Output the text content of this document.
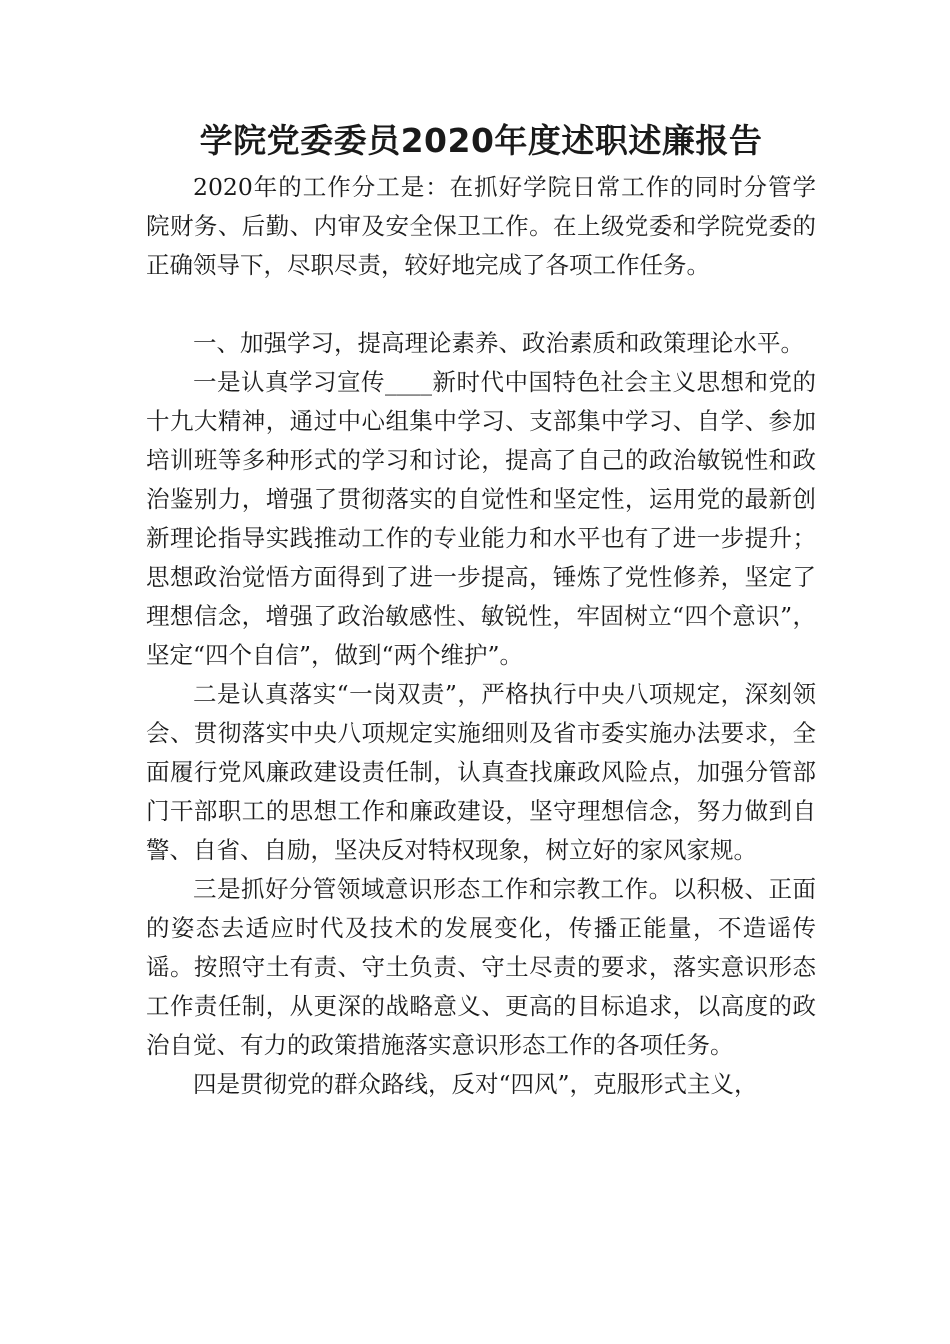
学院党委委员2020年度述职述廉报告

2020年的工作分工是：在抓好学院日常工作的同时分管学院财务、后勤、内审及安全保卫工作。在上级党委和学院党委的正确领导下，尽职尽责，较好地完成了各项工作任务。

一、加强学习，提高理论素养、政治素质和政策理论水平。

一是认真学习宣传____新时代中国特色社会主义思想和党的十九大精神，通过中心组集中学习、支部集中学习、自学、参加培训班等多种形式的学习和讨论，提高了自己的政治敏锐性和政治鉴别力，增强了贯彻落实的自觉性和坚定性，运用党的最新创新理论指导实践推动工作的专业能力和水平也有了进一步提升；思想政治觉悟方面得到了进一步提高，锤炼了党性修养，坚定了理想信念，增强了政治敏感性、敏锐性，牢固树立“四个意识”，坚定“四个自信”，做到“两个维护”。

二是认真落实“一岗双责”，严格执行中央八项规定，深刻领会、贯彻落实中央八项规定实施细则及省市委实施办法要求，全面履行党风廉政建设责任制，认真查找廉政风险点，加强分管部门干部职工的思想工作和廉政建设，坚守理想信念，努力做到自警、自省、自励，坚决反对特权现象，树立好的家风家规。

三是抓好分管领域意识形态工作和宗教工作。以积极、正面的姿态去适应时代及技术的发展变化，传播正能量，不造谣传谣。按照守土有责、守土负责、守土尽责的要求，落实意识形态工作责任制，从更深的战略意义、更高的目标追求，以高度的政治自觉、有力的政策措施落实意识形态工作的各项任务。

四是贯彻党的群众路线，反对“四风”，克服形式主义，
